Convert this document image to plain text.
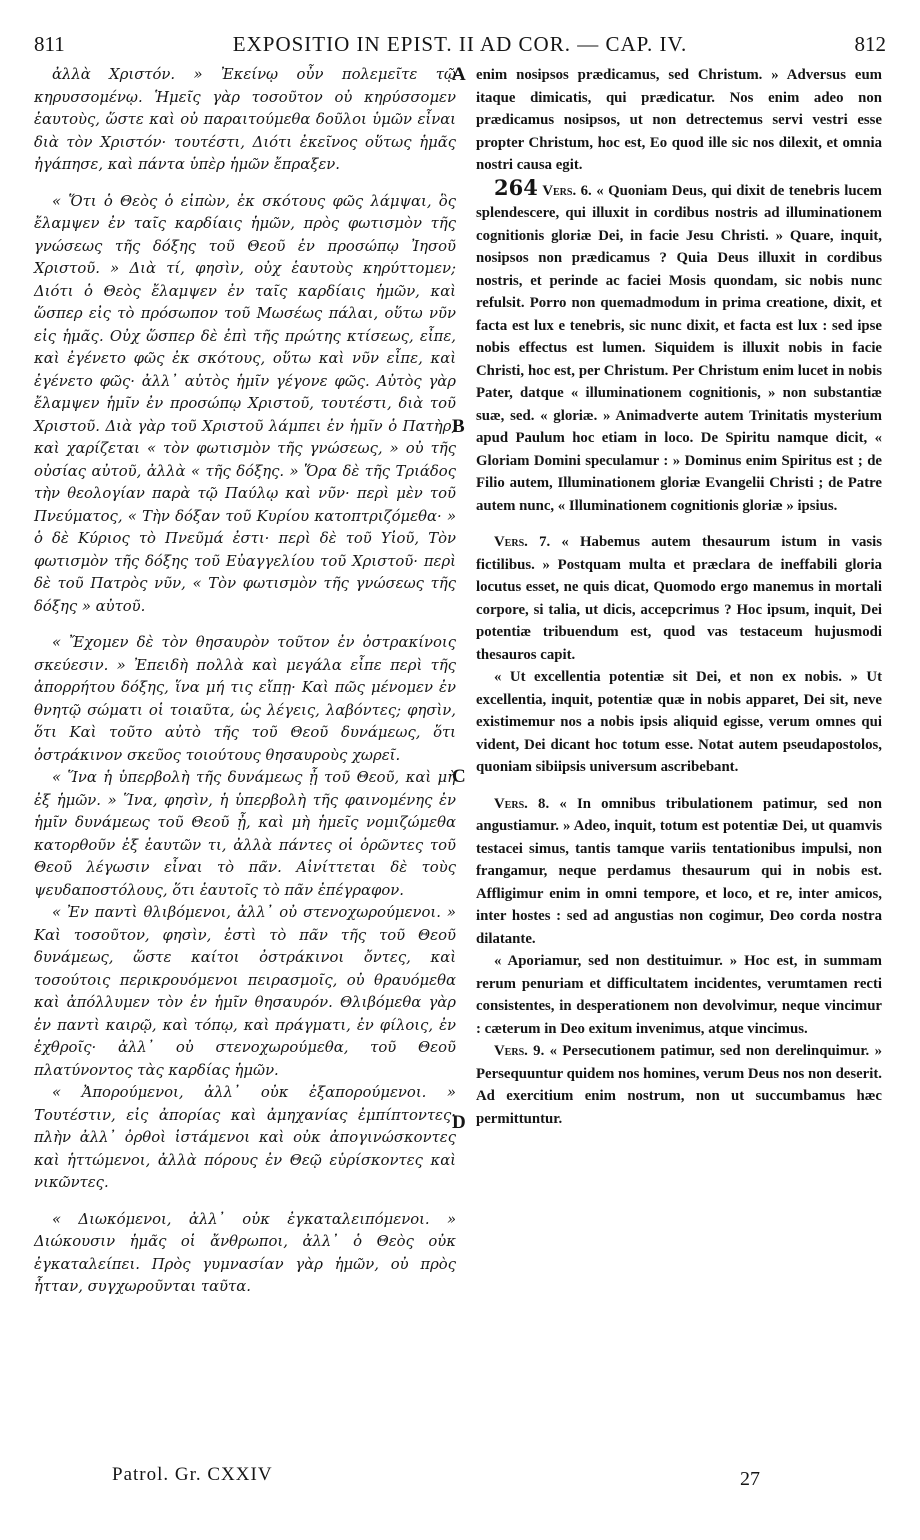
811	EXPOSITIO IN EPIST. II AD COR. — CAP. IV.	812

ἀλλὰ Χριστόν. » Ἐκείνῳ οὖν πολεμεῖτε τῷ κηρυσσομένῳ. Ἡμεῖς γὰρ τοσοῦτον οὐ κηρύσσομεν ἑαυτοὺς, ὥστε καὶ οὐ παραιτούμεθα δοῦλοι ὑμῶν εἶναι διὰ τὸν Χριστόν· τουτέστι, Διότι ἐκεῖνος οὕτως ἡμᾶς ἠγάπησε, καὶ πάντα ὑπὲρ ἡμῶν ἔπραξεν.

« Ὅτι ὁ Θεὸς ὁ εἰπὼν, ἐκ σκότους φῶς λάμψαι, ὃς ἔλαμψεν ἐν ταῖς καρδίαις ἡμῶν, πρὸς φωτισμὸν τῆς γνώσεως τῆς δόξης τοῦ Θεοῦ ἐν προσώπῳ Ἰησοῦ Χριστοῦ. » Διὰ τί, φησὶν, οὐχ ἑαυτοὺς κηρύττομεν; Διότι ὁ Θεὸς ἔλαμψεν ἐν ταῖς καρδίαις ἡμῶν, καὶ ὥσπερ εἰς τὸ πρόσωπον τοῦ Μωσέως πάλαι, οὕτω νῦν εἰς ἡμᾶς. Οὐχ ὥσπερ δὲ ἐπὶ τῆς πρώτης κτίσεως, εἶπε, καὶ ἐγένετο φῶς ἐκ σκότους, οὕτω καὶ νῦν εἶπε, καὶ ἐγένετο φῶς· ἀλλ᾽ αὐτὸς ἡμῖν γέγονε φῶς. Αὐτὸς γὰρ ἔλαμψεν ἡμῖν ἐν προσώπῳ Χριστοῦ, τουτέστι, διὰ τοῦ Χριστοῦ. Διὰ γὰρ τοῦ Χριστοῦ λάμπει ἐν ἡμῖν ὁ Πατὴρ, καὶ χαρίζεται « τὸν φωτισμὸν τῆς γνώσεως, » οὐ τῆς οὐσίας αὐτοῦ, ἀλλὰ « τῆς δόξης. » Ὅρα δὲ τῆς Τριάδος τὴν θεολογίαν παρὰ τῷ Παύλῳ καὶ νῦν· περὶ μὲν τοῦ Πνεύματος, « Τὴν δόξαν τοῦ Κυρίου κατοπτριζόμεθα· » ὁ δὲ Κύριος τὸ Πνεῦμά ἐστι· περὶ δὲ τοῦ Υἱοῦ, Τὸν φωτισμὸν τῆς δόξης τοῦ Εὐαγγελίου τοῦ Χριστοῦ· περὶ δὲ τοῦ Πατρὸς νῦν, « Τὸν φωτισμὸν τῆς γνώσεως τῆς δόξης » αὐτοῦ.

« Ἔχομεν δὲ τὸν θησαυρὸν τοῦτον ἐν ὀστρακίνοις σκεύεσιν. » Ἐπειδὴ πολλὰ καὶ μεγάλα εἶπε περὶ τῆς ἀπορρήτου δόξης, ἵνα μή τις εἴπῃ· Καὶ πῶς μένομεν ἐν θνητῷ σώματι οἱ τοιαῦτα, ὡς λέγεις, λαβόντες; φησὶν, ὅτι Καὶ τοῦτο αὐτὸ τῆς τοῦ Θεοῦ δυνάμεως, ὅτι ὀστράκινον σκεῦος τοιούτους θησαυροὺς χωρεῖ.

« Ἵνα ἡ ὑπερβολὴ τῆς δυνάμεως ᾖ τοῦ Θεοῦ, καὶ μὴ ἐξ ἡμῶν. » Ἵνα, φησὶν, ἡ ὑπερβολὴ τῆς φαινομένης ἐν ἡμῖν δυνάμεως τοῦ Θεοῦ ᾖ, καὶ μὴ ἡμεῖς νομιζώμεθα κατορθοῦν ἐξ ἑαυτῶν τι, ἀλλὰ πάντες οἱ ὁρῶντες τοῦ Θεοῦ λέγωσιν εἶναι τὸ πᾶν. Αἰνίττεται δὲ τοὺς ψευδαποστόλους, ὅτι ἑαυτοῖς τὸ πᾶν ἐπέγραφον.

« Ἐν παντὶ θλιβόμενοι, ἀλλ᾽ οὐ στενοχωρούμενοι. » Καὶ τοσοῦτον, φησὶν, ἐστὶ τὸ πᾶν τῆς τοῦ Θεοῦ δυνάμεως, ὥστε καίτοι ὀστράκινοι ὄντες, καὶ τοσούτοις περικρουόμενοι πειρασμοῖς, οὐ θραυόμεθα καὶ ἀπόλλυμεν τὸν ἐν ἡμῖν θησαυρόν. Θλιβόμεθα γὰρ ἐν παντὶ καιρῷ, καὶ τόπῳ, καὶ πράγματι, ἐν φίλοις, ἐν ἐχθροῖς· ἀλλ᾽ οὐ στενοχωρούμεθα, τοῦ Θεοῦ πλατύνοντος τὰς καρδίας ἡμῶν.

« Ἀπορούμενοι, ἀλλ᾽ οὐκ ἐξαπορούμενοι. » Τουτέστιν, εἰς ἀπορίας καὶ ἀμηχανίας ἐμπίπτοντες· πλὴν ἀλλ᾽ ὀρθοὶ ἱστάμενοι καὶ οὐκ ἀπογινώσκοντες καὶ ἡττώμενοι, ἀλλὰ πόρους ἐν Θεῷ εὑρίσκοντες καὶ νικῶντες.

« Διωκόμενοι, ἀλλ᾽ οὐκ ἐγκαταλειπόμενοι. » Διώκουσιν ἡμᾶς οἱ ἄνθρωποι, ἀλλ᾽ ὁ Θεὸς οὐκ ἐγκαταλείπει. Πρὸς γυμνασίαν γὰρ ἡμῶν, οὐ πρὸς ἧτταν, συγχωροῦνται ταῦτα.

A
B
C
D

enim nosipsos prædicamus, sed Christum. » Adversus eum itaque dimicatis, qui prædicatur. Nos enim adeo non prædicamus nosipsos, ut non detrectemus servi vestri esse propter Christum, hoc est, Eo quod ille sic nos dilexit, et omnia nostri causa egit.

264 Vers. 6. « Quoniam Deus, qui dixit de tenebris lucem splendescere, qui illuxit in cordibus nostris ad illuminationem cognitionis gloriæ Dei, in facie Jesu Christi. » Quare, inquit, nosipsos non prædicamus ? Quia Deus illuxit in cordibus nostris, et perinde ac faciei Mosis quondam, sic nobis nunc refulsit. Porro non quemadmodum in prima creatione, dixit, et facta est lux e tenebris, sic nunc dixit, et facta est lux : sed ipse nobis effectus est lumen. Siquidem is illuxit nobis in facie Christi, hoc est, per Christum. Per Christum enim lucet in nobis Pater, datque « illuminationem cognitionis, » non substantiæ suæ, sed. « gloriæ. » Animadverte autem Trinitatis mysterium apud Paulum hoc etiam in loco. De Spiritu namque dicit, « Gloriam Domini speculamur : » Dominus enim Spiritus est ; de Filio autem, Illuminationem gloriæ Evangelii Christi ; de Patre autem nunc, « Illuminationem cognitionis gloriæ » ipsius.

Vers. 7. « Habemus autem thesaurum istum in vasis fictilibus. » Postquam multa et præclara de ineffabili gloria locutus esset, ne quis dicat, Quomodo ergo manemus in mortali corpore, si talia, ut dicis, accepcrimus ? Hoc ipsum, inquit, Dei potentiæ tribuendum est, quod vas testaceum hujusmodi thesauros capit.

« Ut excellentia potentiæ sit Dei, et non ex nobis. » Ut excellentia, inquit, potentiæ quæ in nobis apparet, Dei sit, neve existimemur nos a nobis ipsis aliquid egisse, verum omnes qui vident, Dei dicant hoc totum esse. Notat autem pseudapostolos, quoniam sibiipsis universum ascribebant.

Vers. 8. « In omnibus tribulationem patimur, sed non angustiamur. » Adeo, inquit, totum est potentiæ Dei, ut quamvis testacei simus, tantis tamque variis tentationibus impulsi, non frangamur, neque perdamus thesaurum qui in nobis est. Affligimur enim in omni tempore, et loco, et re, inter amicos, inter hostes : sed ad angustias non cogimur, Deo corda nostra dilatante.

« Aporiamur, sed non destituimur. » Hoc est, in summam rerum penuriam et difficultatem incidentes, verumtamen recti consistentes, in desperationem non devolvimur, neque vincimur : cæterum in Deo exitum invenimus, atque vincimus.

Vers. 9. « Persecutionem patimur, sed non derelinquimur. » Persequuntur quidem nos homines, verum Deus nos non deserit. Ad exercitium enim nostrum, non ut succumbamus hæc permittuntur.

Patrol. Gr. CXXIV	27
